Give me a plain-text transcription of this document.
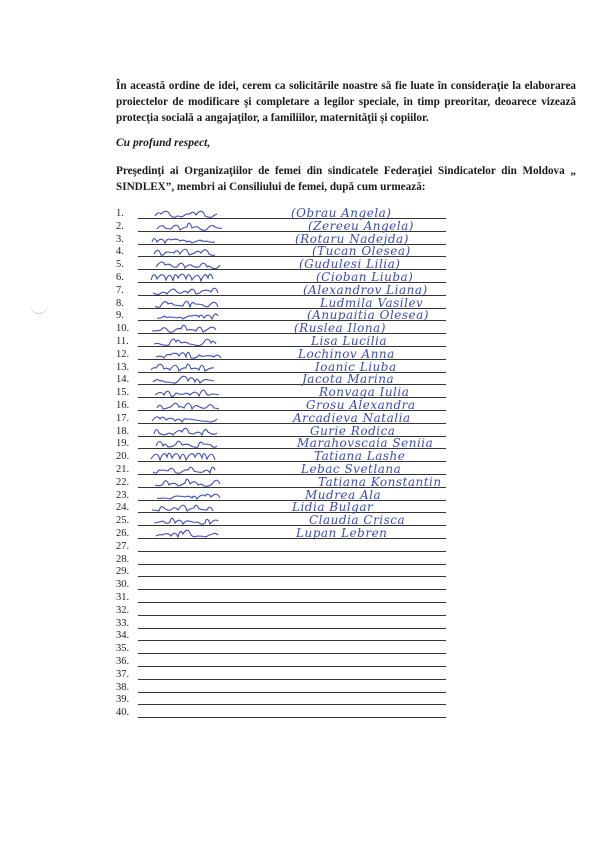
În această ordine de idei, cerem ca solicitările noastre să fie luate în consideraţie la elaborarea proiectelor de modificare şi completare a legilor speciale, în timp preoritar, deoarece vizează protecţia socială a angajaţilor, a familiilor, maternităţii şi copiilor.

Cu profund respect,

Preşedinţi ai Organizaţiilor de femei din sindicatele Federaţiei Sindicatelor din Moldova „ SINDLEX”, membri ai Consiliului de femei, după cum urmează:

1.	(Obrau Angela)
2.	(Zereeu Angela)
3.	(Rotaru Nadejda)
4.	(Tucan Olesea)
5.	(Gudulesi Lilia)
6.	(Cioban Liuba)
7.	(Alexandrov Liana)
8.	Ludmila Vasilev
9.	(Anupaitia Olesea)
10.	(Ruslea Ilona)
11.	Lisa Lucilia
12.	Lochinov Anna
13.	Ioanic Liuba
14.	Jacota Marina
15.	Ronvaga Iulia
16.	Grosu Alexandra
17.	Arcadieva Natalia
18.	Gurie Rodica
19.	Marahovscaia Seniia
20.	Tatiana Lashe
21.	Lebac Svetlana
22.	Tatiana Konstantin
23.	Mudrea Ala
24.	Lidia Bulgar
25.	Claudia Crisca
26.	Lupan Lebren
27.
28.
29.
30.
31.
32.
33.
34.
35.
36.
37.
38.
39.
40.
